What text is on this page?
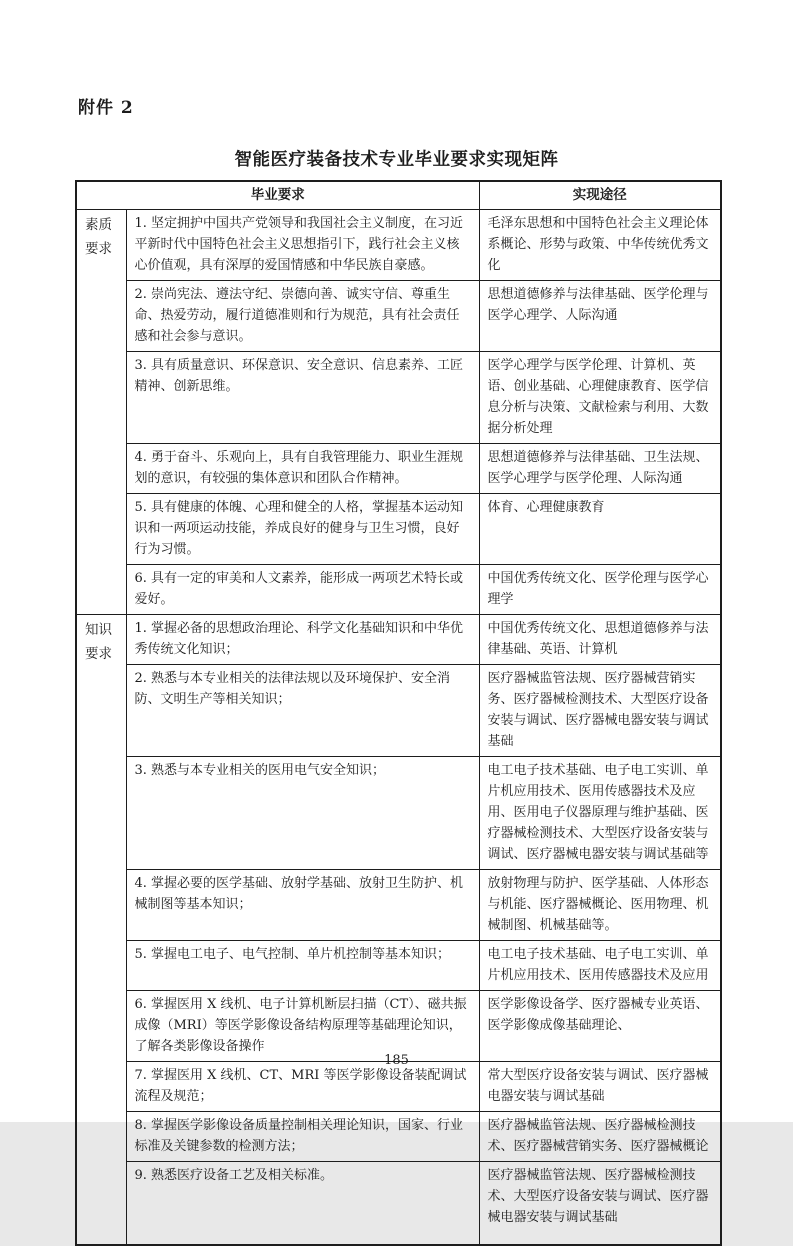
附件 2
智能医疗装备技术专业毕业要求实现矩阵
毕业要求		实现途径
素质要求	1. 坚定拥护中国共产党领导和我国社会主义制度，在习近平新时代中国特色社会主义思想指引下，践行社会主义核心价值观，具有深厚的爱国情感和中华民族自豪感。	毛泽东思想和中国特色社会主义理论体系概论、形势与政策、中华传统优秀文化
	2. 崇尚宪法、遵法守纪、崇德向善、诚实守信、尊重生命、热爱劳动，履行道德准则和行为规范，具有社会责任感和社会参与意识。	思想道德修养与法律基础、医学伦理与医学心理学、人际沟通
	3. 具有质量意识、环保意识、安全意识、信息素养、工匠精神、创新思维。	医学心理学与医学伦理、计算机、英语、创业基础、心理健康教育、医学信息分析与决策、文献检索与利用、大数据分析处理
	4. 勇于奋斗、乐观向上，具有自我管理能力、职业生涯规划的意识，有较强的集体意识和团队合作精神。	思想道德修养与法律基础、卫生法规、医学心理学与医学伦理、人际沟通
	5. 具有健康的体魄、心理和健全的人格，掌握基本运动知识和一两项运动技能，养成良好的健身与卫生习惯，良好行为习惯。	体育、心理健康教育
	6. 具有一定的审美和人文素养，能形成一两项艺术特长或爱好。	中国优秀传统文化、医学伦理与医学心理学
知识要求	1. 掌握必备的思想政治理论、科学文化基础知识和中华优秀传统文化知识；	中国优秀传统文化、思想道德修养与法律基础、英语、计算机
	2. 熟悉与本专业相关的法律法规以及环境保护、安全消防、文明生产等相关知识；	医疗器械监管法规、医疗器械营销实务、医疗器械检测技术、大型医疗设备安装与调试、医疗器械电器安装与调试基础
	3. 熟悉与本专业相关的医用电气安全知识；	电工电子技术基础、电子电工实训、单片机应用技术、医用传感器技术及应用、医用电子仪器原理与维护基础、医疗器械检测技术、大型医疗设备安装与调试、医疗器械电器安装与调试基础等
	4. 掌握必要的医学基础、放射学基础、放射卫生防护、机械制图等基本知识；	放射物理与防护、医学基础、人体形态与机能、医疗器械概论、医用物理、机械制图、机械基础等。
	5. 掌握电工电子、电气控制、单片机控制等基本知识；	电工电子技术基础、电子电工实训、单片机应用技术、医用传感器技术及应用
	6. 掌握医用 X 线机、电子计算机断层扫描（CT）、磁共振成像（MRI）等医学影像设备结构原理等基础理论知识，了解各类影像设备操作	医学影像设备学、医疗器械专业英语、医学影像成像基础理论、
	7. 掌握医用 X 线机、CT、MRI 等医学影像设备装配调试流程及规范；	常大型医疗设备安装与调试、医疗器械电器安装与调试基础
	8. 掌握医学影像设备质量控制相关理论知识，国家、行业标准及关键参数的检测方法；	医疗器械监管法规、医疗器械检测技术、医疗器械营销实务、医疗器械概论
	9. 熟悉医疗设备工艺及相关标准。	医疗器械监管法规、医疗器械检测技术、大型医疗设备安装与调试、医疗器械电器安装与调试基础
185
